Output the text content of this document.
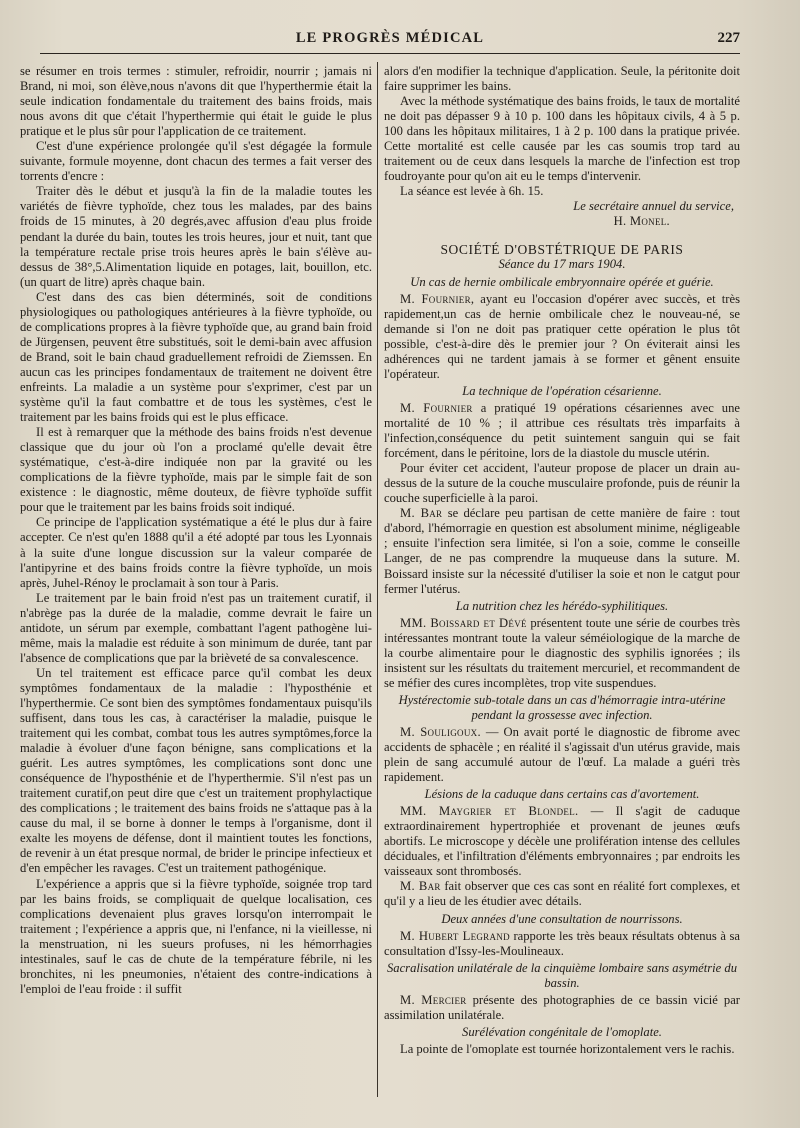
LE PROGRÈS MÉDICAL	227

se résumer en trois termes : stimuler, refroidir, nourrir ; jamais ni Brand, ni moi, son élève,nous n'avons dit que l'hyperthermie était la seule indication fondamentale du traitement des bains froids, mais nous avons dit que c'était l'hyperthermie qui était le guide le plus pratique et le plus sûr pour l'application de ce traitement.

C'est d'une expérience prolongée qu'il s'est dégagée la formule suivante, formule moyenne, dont chacun des termes a fait verser des torrents d'encre :

Traiter dès le début et jusqu'à la fin de la maladie toutes les variétés de fièvre typhoïde, chez tous les malades, par des bains froids de 15 minutes, à 20 degrés,avec affusion d'eau plus froide pendant la durée du bain, toutes les trois heures, jour et nuit, tant que la température rectale prise trois heures après le bain s'élève au-dessus de 38°,5.Alimentation liquide en potages, lait, bouillon, etc. (un quart de litre) après chaque bain.

C'est dans des cas bien déterminés, soit de conditions physiologiques ou pathologiques antérieures à la fièvre typhoïde, ou de complications propres à la fièvre typhoïde que, au grand bain froid de Jürgensen, peuvent être substitués, soit le demi-bain avec affusion de Brand, soit le bain chaud graduellement refroidi de Ziemssen. En aucun cas les principes fondamentaux de traitement ne doivent être enfreints. La maladie a un système pour s'exprimer, c'est par un système qu'il la faut combattre et de tous les systèmes, c'est le traitement par les bains froids qui est le plus efficace.

Il est à remarquer que la méthode des bains froids n'est devenue classique que du jour où l'on a proclamé qu'elle devait être systématique, c'est-à-dire indiquée non par la gravité ou les complications de la fièvre typhoïde, mais par le simple fait de son existence : le diagnostic, même douteux, de fièvre typhoïde suffit pour que le traitement par les bains froids soit indiqué.

Ce principe de l'application systématique a été le plus dur à faire accepter. Ce n'est qu'en 1888 qu'il a été adopté par tous les Lyonnais à la suite d'une longue discussion sur la valeur comparée de l'antipyrine et des bains froids contre la fièvre typhoïde, un mois après, Juhel-Rénoy le proclamait à son tour à Paris.

Le traitement par le bain froid n'est pas un traitement curatif, il n'abrège pas la durée de la maladie, comme devrait le faire un antidote, un sérum par exemple, combattant l'agent pathogène lui-même, mais la maladie est réduite à son minimum de durée, tant par l'absence de complications que par la brièveté de sa convalescence.

Un tel traitement est efficace parce qu'il combat les deux symptômes fondamentaux de la maladie : l'hyposthénie et l'hyperthermie. Ce sont bien des symptômes fondamentaux puisqu'ils suffisent, dans tous les cas, à caractériser la maladie, puisque le traitement qui les combat, combat tous les autres symptômes,force la maladie à évoluer d'une façon bénigne, sans complications et la guérit. Les autres symptômes, les complications sont donc une conséquence de l'hyposthénie et de l'hyperthermie. S'il n'est pas un traitement curatif,on peut dire que c'est un traitement prophylactique des complications ; le traitement des bains froids ne s'attaque pas à la cause du mal, il se borne à donner le temps à l'organisme, dont il exalte les moyens de défense, dont il maintient toutes les fonctions, de revenir à un état presque normal, de brider le principe infectieux et d'en empêcher les ravages. C'est un traitement pathogénique.

L'expérience a appris que si la fièvre typhoïde, soignée trop tard par les bains froids, se compliquait de quelque localisation, ces complications devenaient plus graves lorsqu'on interrompait le traitement ; l'expérience a appris que, ni l'enfance, ni la vieillesse, ni la menstruation, ni les sueurs profuses, ni les hémorrhagies intestinales, sauf le cas de chute de la température fébrile, ni les bronchites, ni les pneumonies, n'étaient des contre-indications à l'emploi de l'eau froide : il suffit

alors d'en modifier la technique d'application. Seule, la péritonite doit faire supprimer les bains.

Avec la méthode systématique des bains froids, le taux de mortalité ne doit pas dépasser 9 à 10 p. 100 dans les hôpitaux civils, 4 à 5 p. 100 dans les hôpitaux militaires, 1 à 2 p. 100 dans la pratique privée. Cette mortalité est celle causée par les cas soumis trop tard au traitement ou de ceux dans lesquels la marche de l'infection est trop foudroyante pour qu'on ait eu le temps d'intervenir.

La séance est levée à 6h. 15.

Le secrétaire annuel du service,

H. Monel.

SOCIÉTÉ D'OBSTÉTRIQUE DE PARIS

Séance du 17 mars 1904.

Un cas de hernie ombilicale embryonnaire opérée et guérie.

M. Fournier, ayant eu l'occasion d'opérer avec succès, et très rapidement,un cas de hernie ombilicale chez le nouveau-né, se demande si l'on ne doit pas pratiquer cette opération le plus tôt possible, c'est-à-dire dès le premier jour ? On éviterait ainsi les adhérences qui ne tardent jamais à se former et gênent ensuite l'opérateur.

La technique de l'opération césarienne.

M. Fournier a pratiqué 19 opérations césariennes avec une mortalité de 10 % ; il attribue ces résultats très imparfaits à l'infection,conséquence du petit suintement sanguin qui se fait forcément, dans le péritoine, lors de la diastole du muscle utérin.

Pour éviter cet accident, l'auteur propose de placer un drain au-dessus de la suture de la couche musculaire profonde, puis de réunir la couche superficielle à la paroi.

M. Bar se déclare peu partisan de cette manière de faire : tout d'abord, l'hémorragie en question est absolument minime, négligeable ; ensuite l'infection sera limitée, si l'on a soie, comme le conseille Langer, de ne pas comprendre la muqueuse dans la suture. M. Boissard insiste sur la nécessité d'utiliser la soie et non le catgut pour fermer l'utérus.

La nutrition chez les hérédo-syphilitiques.

MM. Boissard et Dévé présentent toute une série de courbes très intéressantes montrant toute la valeur séméiologique de la marche de la courbe alimentaire pour le diagnostic des syphilis ignorées ; ils insistent sur les résultats du traitement mercuriel, et recommandent de se méfier des cures incomplètes, trop vite suspendues.

Hystérectomie sub-totale dans un cas d'hémorragie intra-utérine pendant la grossesse avec infection.

M. Souligoux. — On avait porté le diagnostic de fibrome avec accidents de sphacèle ; en réalité il s'agissait d'un utérus gravide, mais plein de sang accumulé autour de l'œuf. La malade a guéri très rapidement.

Lésions de la caduque dans certains cas d'avortement.

MM. Maygrier et Blondel. — Il s'agit de caduque extraordinairement hypertrophiée et provenant de jeunes œufs abortifs. Le microscope y décèle une prolifération intense des cellules déciduales, et l'infiltration d'éléments embryonnaires ; par endroits les vaisseaux sont thrombosés.

M. Bar fait observer que ces cas sont en réalité fort complexes, et qu'il y a lieu de les étudier avec détails.

Deux années d'une consultation de nourrissons.

M. Hubert Legrand rapporte les très beaux résultats obtenus à sa consultation d'Issy-les-Moulineaux.

Sacralisation unilatérale de la cinquième lombaire sans asymétrie du bassin.

M. Mercier présente des photographies de ce bassin vicié par assimilation unilatérale.

Surélévation congénitale de l'omoplate.

La pointe de l'omoplate est tournée horizontalement vers le rachis.
